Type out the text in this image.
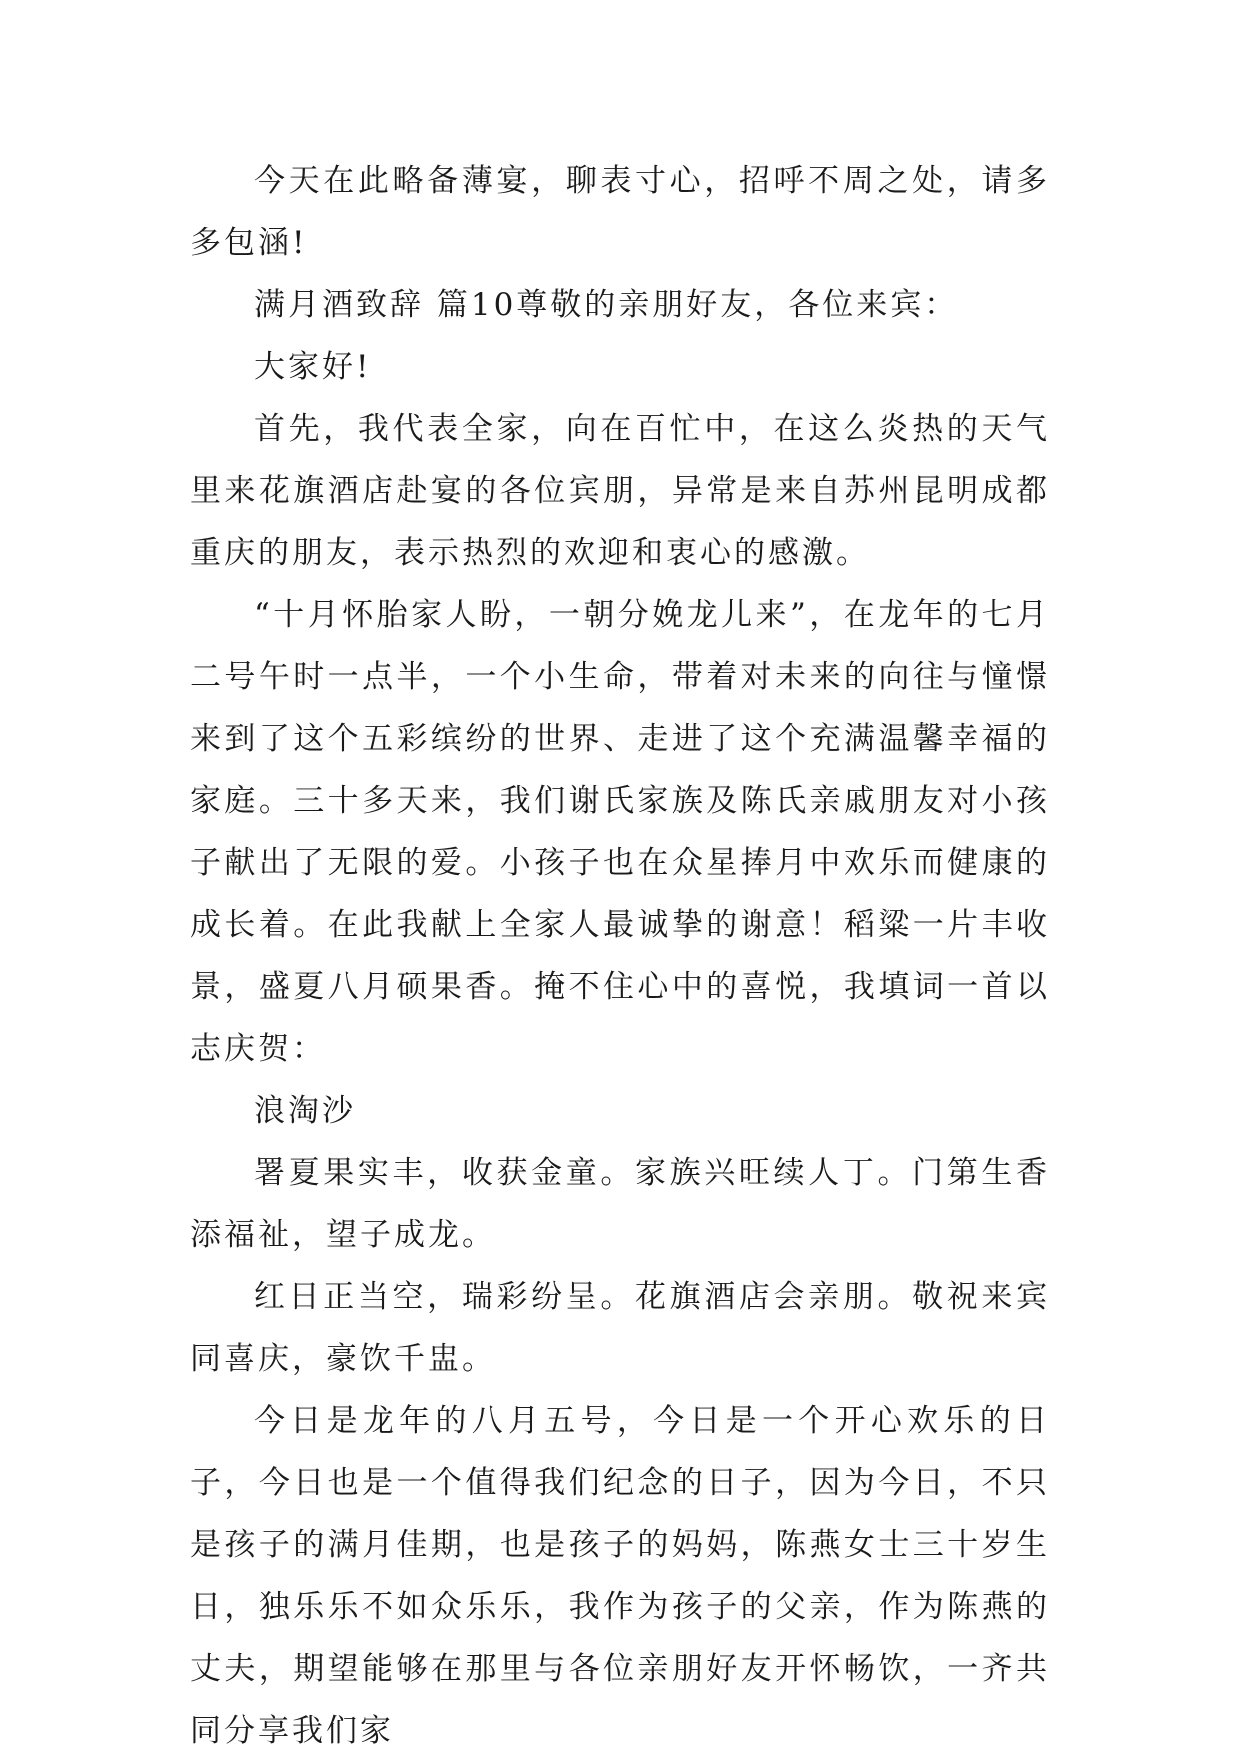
今天在此略备薄宴，聊表寸心，招呼不周之处，请多多包涵!

满月酒致辞 篇10尊敬的亲朋好友，各位来宾：

大家好!

首先，我代表全家，向在百忙中，在这么炎热的天气里来花旗酒店赴宴的各位宾朋，异常是来自苏州昆明成都重庆的朋友，表示热烈的欢迎和衷心的感激。

“十月怀胎家人盼，一朝分娩龙儿来”，在龙年的七月二号午时一点半，一个小生命，带着对未来的向往与憧憬来到了这个五彩缤纷的世界、走进了这个充满温馨幸福的家庭。三十多天来，我们谢氏家族及陈氏亲戚朋友对小孩子献出了无限的爱。小孩子也在众星捧月中欢乐而健康的成长着。在此我献上全家人最诚挚的谢意！稻粱一片丰收景，盛夏八月硕果香。掩不住心中的喜悦，我填词一首以志庆贺：

浪淘沙

署夏果实丰，收获金童。家族兴旺续人丁。门第生香添福祉，望子成龙。

红日正当空，瑞彩纷呈。花旗酒店会亲朋。敬祝来宾同喜庆，豪饮千盅。

今日是龙年的八月五号，今日是一个开心欢乐的日子，今日也是一个值得我们纪念的日子，因为今日，不只是孩子的满月佳期，也是孩子的妈妈，陈燕女士三十岁生日，独乐乐不如众乐乐，我作为孩子的父亲，作为陈燕的丈夫，期望能够在那里与各位亲朋好友开怀畅饮，一齐共同分享我们家
